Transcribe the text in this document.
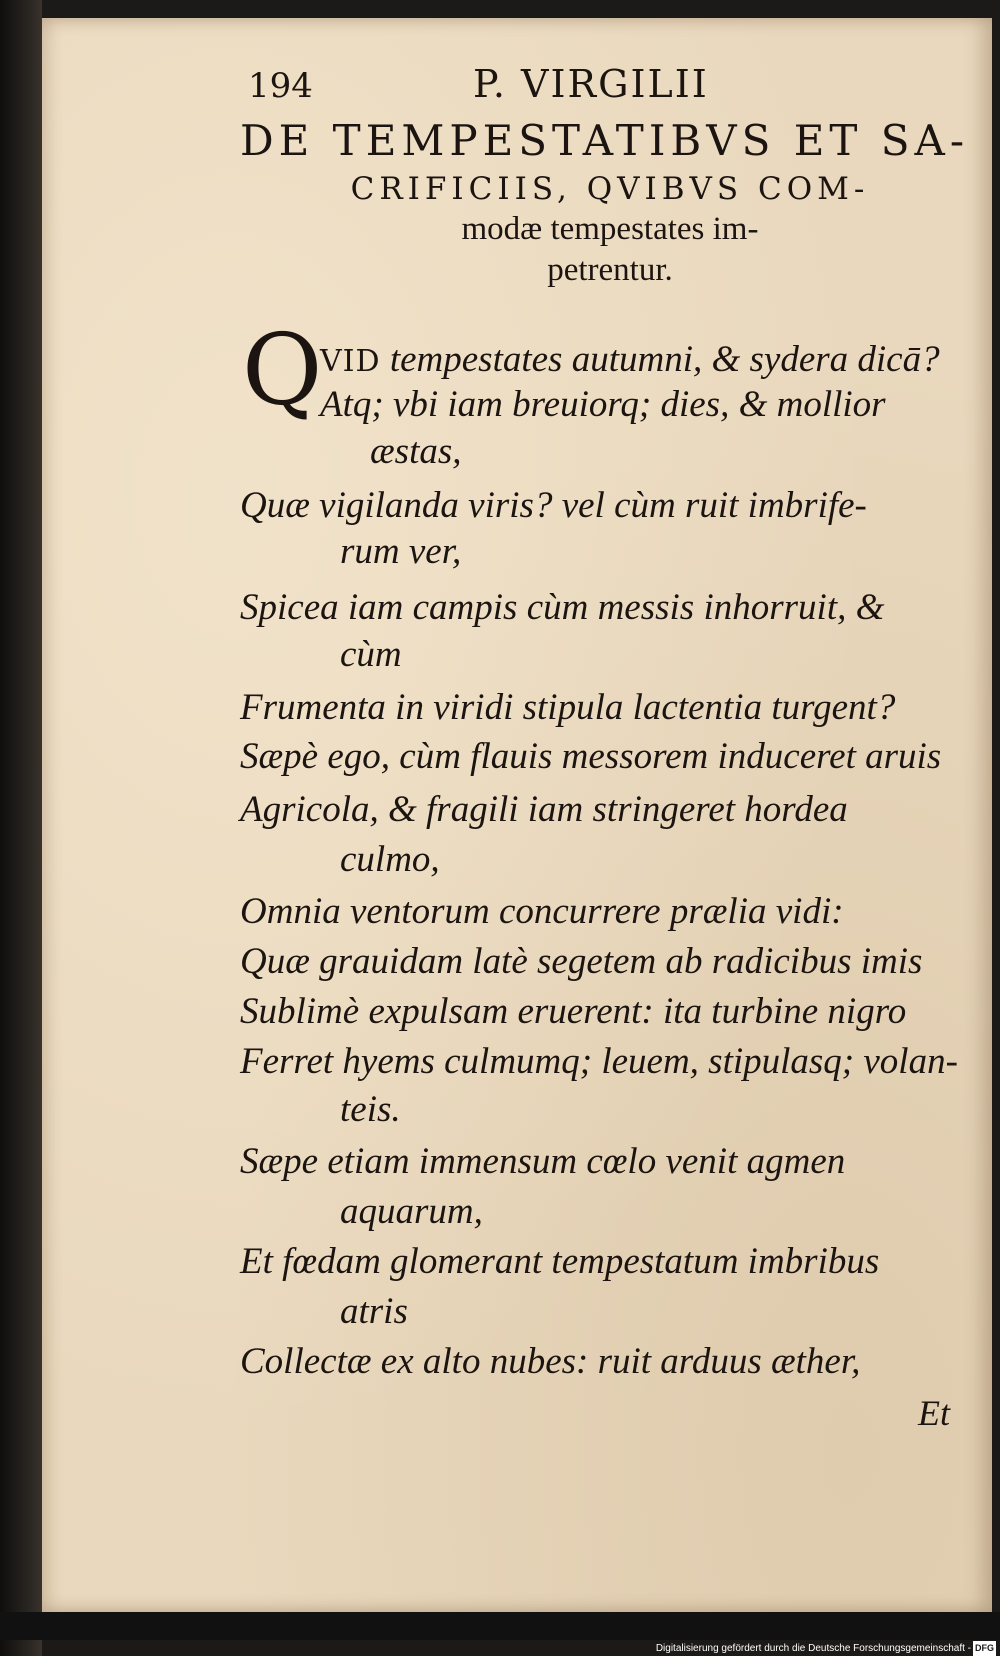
194	P. VIRGILII
DE TEMPESTATIBVS ET SA-
CRIFICIIS, QVIBVS COM-
modæ tempestates im-
petrentur.
Q
VID tempestates autumni, & sydera dicā?
Atq; vbi iam breuiorq; dies, & mollior
æstas,
Quæ vigilanda viris? vel cùm ruit imbrife-
rum ver,
Spicea iam campis cùm messis inhorruit, &
cùm
Frumenta in viridi stipula lactentia turgent?
Sæpè ego, cùm flauis messorem induceret aruis
Agricola, & fragili iam stringeret hordea
culmo,
Omnia ventorum concurrere prælia vidi:
Quæ grauidam latè segetem ab radicibus imis
Sublimè expulsam eruerent: ita turbine nigro
Ferret hyems culmumq; leuem, stipulasq; volan-
teis.
Sæpe etiam immensum cœlo venit agmen
aquarum,
Et fœdam glomerant tempestatum imbribus
atris
Collectæ ex alto nubes: ruit arduus æther,
Et
Digitalisierung gefördert durch die Deutsche Forschungsgemeinschaft - DFG
